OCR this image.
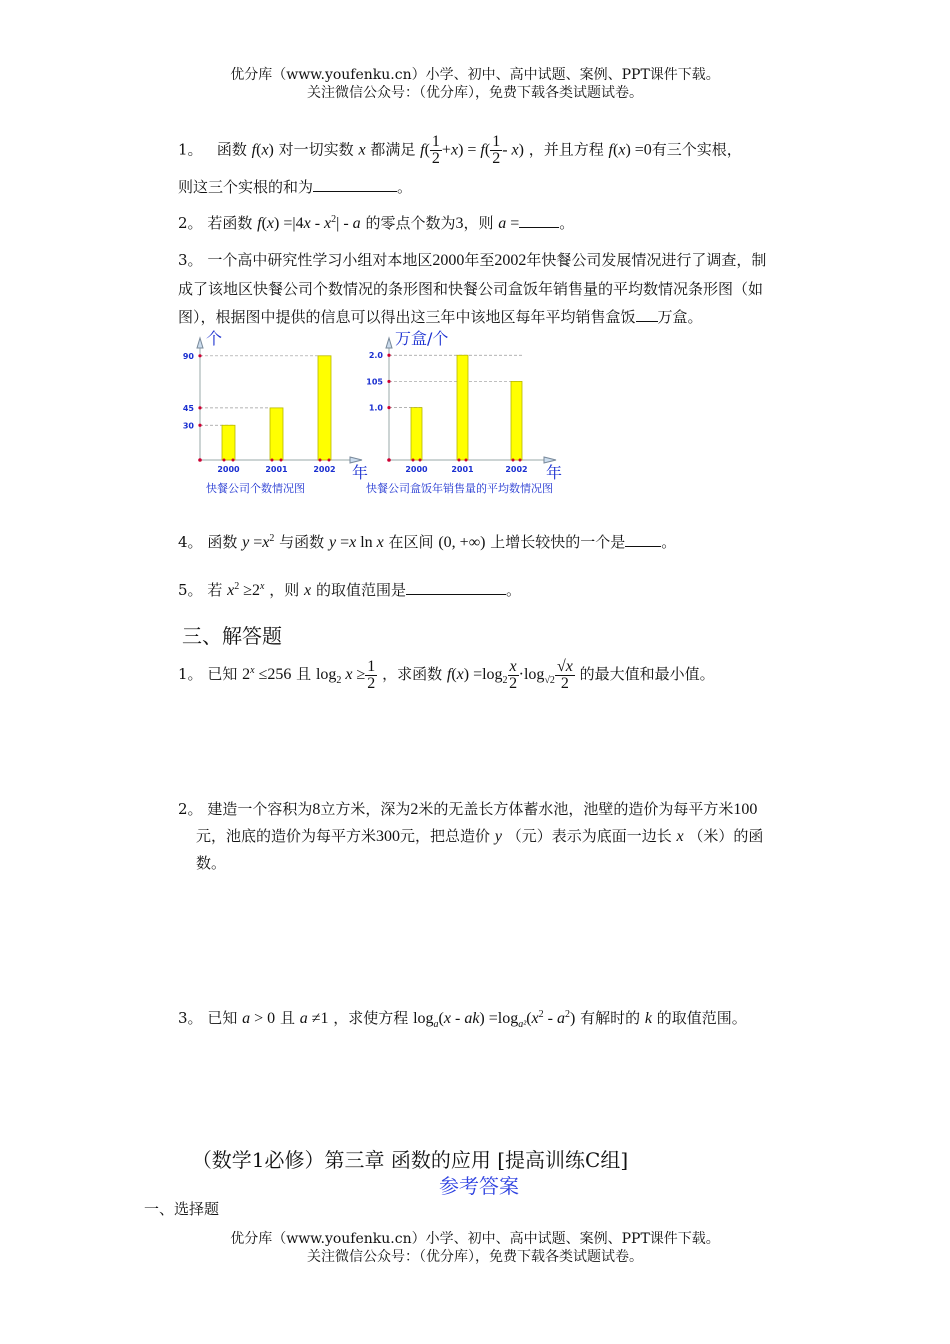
优分库（www.youfenku.cn）小学、初中、高中试题、案例、PPT课件下载。
关注微信公众号：（优分库），免费下载各类试题试卷。
1。 函数 f(x) 对一切实数 x 都满足 $f( \frac{1}{2} +x) = f( \frac{1}{2} - x)$ ，并且方程 f(x) =0有三个实根，
则这三个实根的和为	。
2。 若函数 $f(x) =|4x - x^2| - a$ 的零点个数为3，则 a =	。
3。 一个高中研究性学习小组对本地区2000年至2002年快餐公司发展情况进行了调查，制
成了该地区快餐公司个数情况的条形图和快餐公司盒饭年销售量的平均数情况条形图（如
图），根据图中提供的信息可以得出这三年中该地区每年平均销售盒饭 万盒。
个
年
90
45
30
2000	2001	2002
快餐公司个数情况图
万盒/个
年
2.0
105
1.0
2000	2001	2002
快餐公司盒饭年销售量的平均数情况图
4。 函数 $y =x^2$ 与函数 y =x ln x 在区间 (0, +∞) 上增长较快的一个是 。
5。 若 $x^2 \ge 2^x$ ，则 x 的取值范围是	。
三、解答题
1。 已知 $2^x \le 256$ 且 $\log_2 x \ge \frac{1}{2}$ ，求函数 $f(x) =\log_2 \frac{x}{2} \cdot\log_{√2} \frac{√x}{2}$ 的最大值和最小值。
2。 建造一个容积为8立方米，深为2米的无盖长方体蓄水池，池壁的造价为每平方米100
元，池底的造价为每平方米300元，把总造价 y （元）表示为底面一边长 x （米）的函
数。
3。 已知 a > 0 且 a ≠1 ，求使方程 $\log_a(x - ak) =\log_{a^2}(x^2 - a^2)$ 有解时的 k 的取值范围。
（数学1必修）第三章 函数的应用 [提高训练C组]
参考答案
一、选择题
优分库（www.youfenku.cn）小学、初中、高中试题、案例、PPT课件下载。
关注微信公众号：（优分库），免费下载各类试题试卷。
